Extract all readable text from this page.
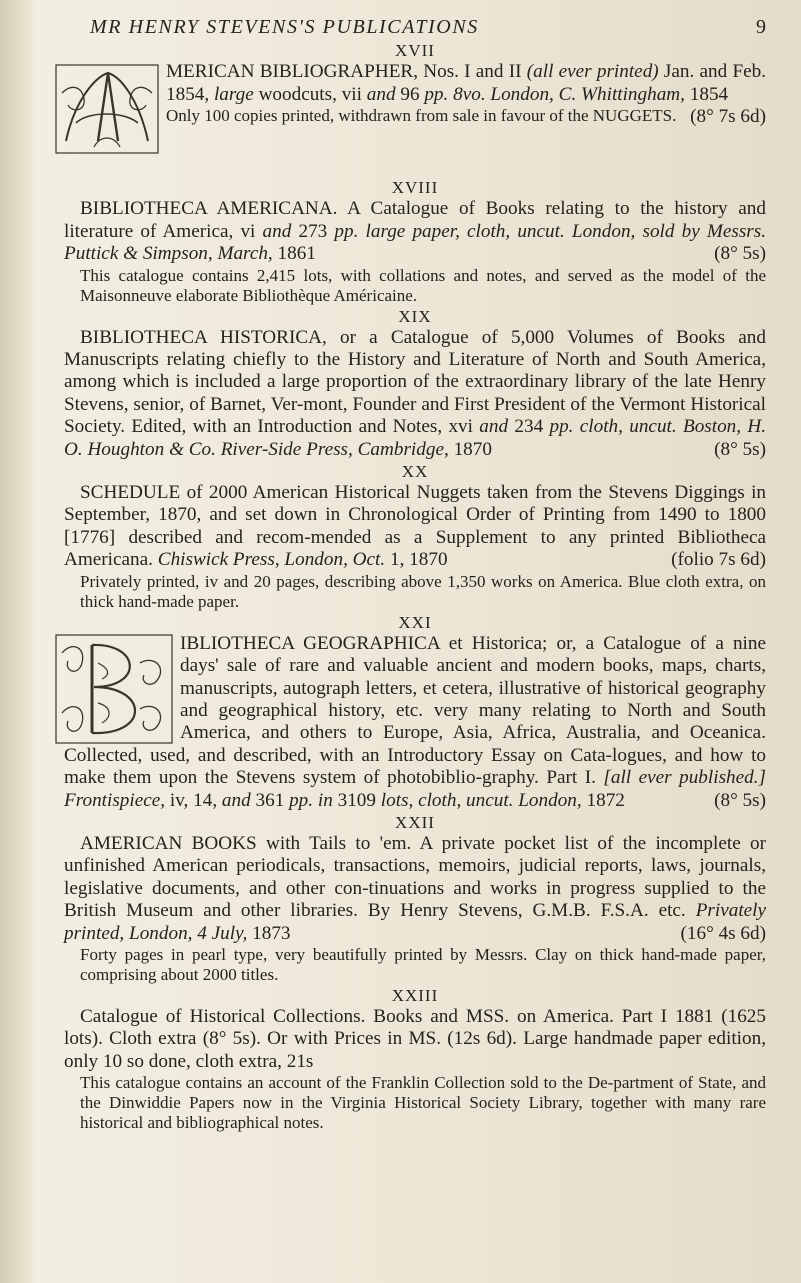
MR HENRY STEVENS'S PUBLICATIONS	9
XVII

MERICAN BIBLIOGRAPHER, Nos. I and II (all ever printed) Jan. and Feb. 1854, large woodcuts, vii and 96 pp. 8vo. London, C. Whittingham, 1854
(8° 7s 6d)

Only 100 copies printed, withdrawn from sale in favour of the NUGGETS.

XVIII

BIBLIOTHECA AMERICANA. A Catalogue of Books relating to the history and literature of America, vi and 273 pp. large paper, cloth, uncut. London, sold by Messrs. Puttick & Simpson, March, 1861	(8° 5s)

This catalogue contains 2,415 lots, with collations and notes, and served as the model of the Maisonneuve elaborate Bibliothèque Américaine.

XIX

BIBLIOTHECA HISTORICA, or a Catalogue of 5,000 Volumes of Books and Manuscripts relating chiefly to the History and Literature of North and South America, among which is included a large proportion of the extraordinary library of the late Henry Stevens, senior, of Barnet, Ver-mont, Founder and First President of the Vermont Historical Society. Edited, with an Introduction and Notes, xvi and 234 pp. cloth, uncut. Boston, H. O. Houghton & Co. River-Side Press, Cambridge, 1870	(8° 5s)

XX

SCHEDULE of 2000 American Historical Nuggets taken from the Stevens Diggings in September, 1870, and set down in Chronological Order of Printing from 1490 to 1800 [1776] described and recom-mended as a Supplement to any printed Bibliotheca Americana. Chiswick Press, London, Oct. 1, 1870	(folio 7s 6d)

Privately printed, iv and 20 pages, describing above 1,350 works on America. Blue cloth extra, on thick hand-made paper.

XXI

IBLIOTHECA GEOGRAPHICA et Historica; or, a Catalogue of a nine days' sale of rare and valuable ancient and modern books, maps, charts, manuscripts, autograph letters, et cetera, illustrative of historical geography and geographical history, etc. very many relating to North and South America, and others to Europe, Asia, Africa, Australia, and Oceanica. Collected, used, and described, with an Introductory Essay on Cata-logues, and how to make them upon the Stevens system of photobiblio-graphy. Part I. [all ever published.] Frontispiece, iv, 14, and 361 pp. in 3109 lots, cloth, uncut. London, 1872	(8° 5s)

XXII

AMERICAN BOOKS with Tails to 'em. A private pocket list of the incomplete or unfinished American periodicals, transactions, memoirs, judicial reports, laws, journals, legislative documents, and other con-tinuations and works in progress supplied to the British Museum and other libraries. By Henry Stevens, G.M.B. F.S.A. etc. Privately printed, London, 4 July, 1873	(16° 4s 6d)

Forty pages in pearl type, very beautifully printed by Messrs. Clay on thick hand-made paper, comprising about 2000 titles.

XXIII

Catalogue of Historical Collections. Books and MSS. on America. Part I 1881 (1625 lots). Cloth extra (8° 5s). Or with Prices in MS. (12s 6d). Large handmade paper edition, only 10 so done, cloth extra, 21s

This catalogue contains an account of the Franklin Collection sold to the De-partment of State, and the Dinwiddie Papers now in the Virginia Historical Society Library, together with many rare historical and bibliographical notes.
